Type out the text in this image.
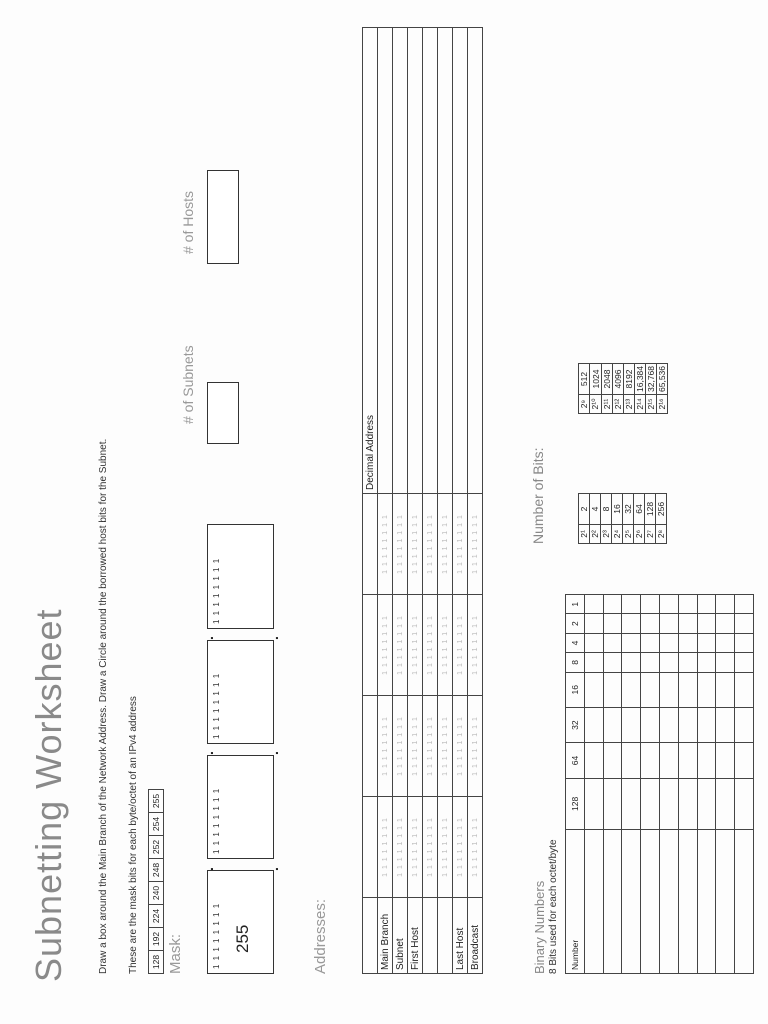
Subnetting Worksheet	Draw a box around the Main Branch of the Network Address. Draw a Circle around the borrowed host bits for the Subnet. These are the mask bits for each byte/octet of an IPv4 address 128	192	224	240	248	252	254	255
Mask:	1 1 1 1 1 1 1 1 255
.	.
1 1 1 1 1 1 1 1
.	.
1 1 1 1 1 1 1 1
.	.
1 1 1 1 1 1 1 1
# of Subnets
# of Hosts
Addresses:
					Decimal Address
Main Branch	1 1 1 1 1 1 1 1	1 1 1 1 1 1 1 1	1 1 1 1 1 1 1 1	1 1 1 1 1 1 1 1	
Subnet	1 1 1 1 1 1 1 1	1 1 1 1 1 1 1 1	1 1 1 1 1 1 1 1	1 1 1 1 1 1 1 1	
First Host	1 1 1 1 1 1 1 1	1 1 1 1 1 1 1 1	1 1 1 1 1 1 1 1	1 1 1 1 1 1 1 1	
	1 1 1 1 1 1 1 1	1 1 1 1 1 1 1 1	1 1 1 1 1 1 1 1	1 1 1 1 1 1 1 1	
	1 1 1 1 1 1 1 1	1 1 1 1 1 1 1 1	1 1 1 1 1 1 1 1	1 1 1 1 1 1 1 1	
Last Host	1 1 1 1 1 1 1 1	1 1 1 1 1 1 1 1	1 1 1 1 1 1 1 1	1 1 1 1 1 1 1 1	
Broadcast	1 1 1 1 1 1 1 1	1 1 1 1 1 1 1 1	1 1 1 1 1 1 1 1	1 1 1 1 1 1 1 1	
Binary Numbers 8 Bits used for each octet/byte Number	128	64	32	16	8	4	2	1

Number of Bits:	2¹	2
2²	4
2³	8
2⁴	16
2⁵	32
2⁶	64
2⁷	128
2⁸	256
2⁹	512
2¹⁰	1024
2¹¹	2048
2¹²	4096
2¹³	8192
2¹⁴	16,384
2¹⁵	32,768
2¹⁶	65,536
